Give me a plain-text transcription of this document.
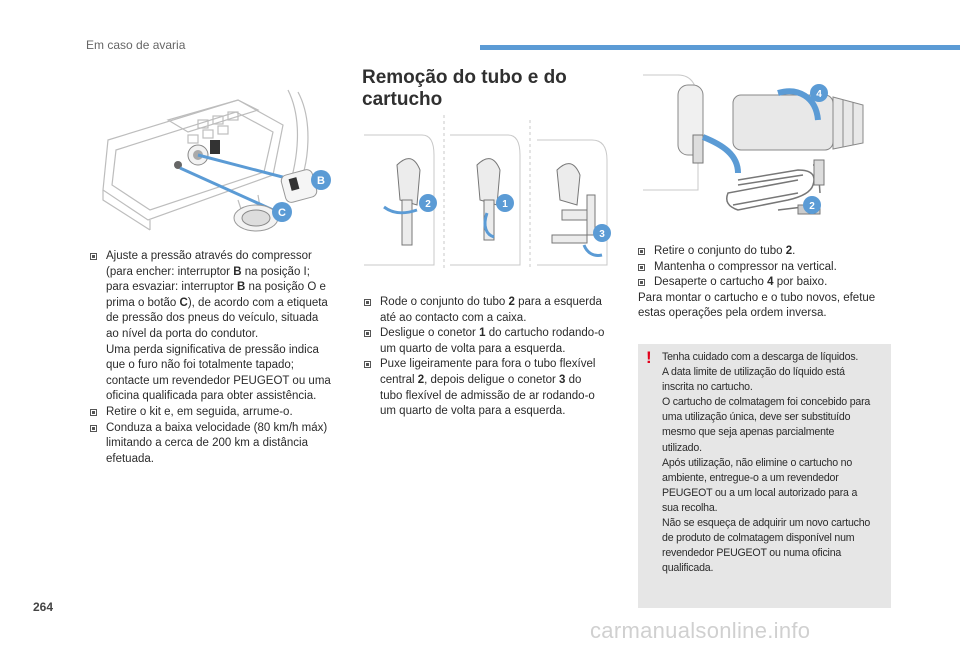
Em caso de avaria
B
C
Remoção do tubo e do cartucho
2	1
3
4
2
Ajuste a pressão através do compressor
(para encher: interruptor B na posição I;
para esvaziar: interruptor B na posição O e
prima o botão C), de acordo com a etiqueta
de pressão dos pneus do veículo, situada
ao nível da porta do condutor.
Uma perda significativa de pressão indica
que o furo não foi totalmente tapado;
contacte um revendedor PEUGEOT ou uma
oficina qualificada para obter assistência.
Retire o kit e, em seguida, arrume-o.
Conduza a baixa velocidade (80 km/h máx)
limitando a cerca de 200 km a distância
efetuada.
Rode o conjunto do tubo 2 para a esquerda
até ao contacto com a caixa.
Desligue o conetor 1 do cartucho rodando-o
um quarto de volta para a esquerda.
Puxe ligeiramente para fora o tubo flexível
central 2, depois deligue o conetor 3 do
tubo flexível de admissão de ar rodando-o
um quarto de volta para a esquerda.
Retire o conjunto do tubo 2.
Mantenha o compressor na vertical.
Desaperte o cartucho 4 por baixo.

Para montar o cartucho e o tubo novos, efetue
estas operações pela ordem inversa.

! Tenha cuidado com a descarga de líquidos.
A data limite de utilização do líquido está
inscrita no cartucho.
O cartucho de colmatagem foi concebido para
uma utilização única, deve ser substituído
mesmo que seja apenas parcialmente
utilizado.
Após utilização, não elimine o cartucho no
ambiente, entregue-o a um revendedor
PEUGEOT ou a um local autorizado para a
sua recolha.
Não se esqueça de adquirir um novo cartucho
de produto de colmatagem disponível num
revendedor PEUGEOT ou numa oficina
qualificada.

264
carmanualsonline.info
